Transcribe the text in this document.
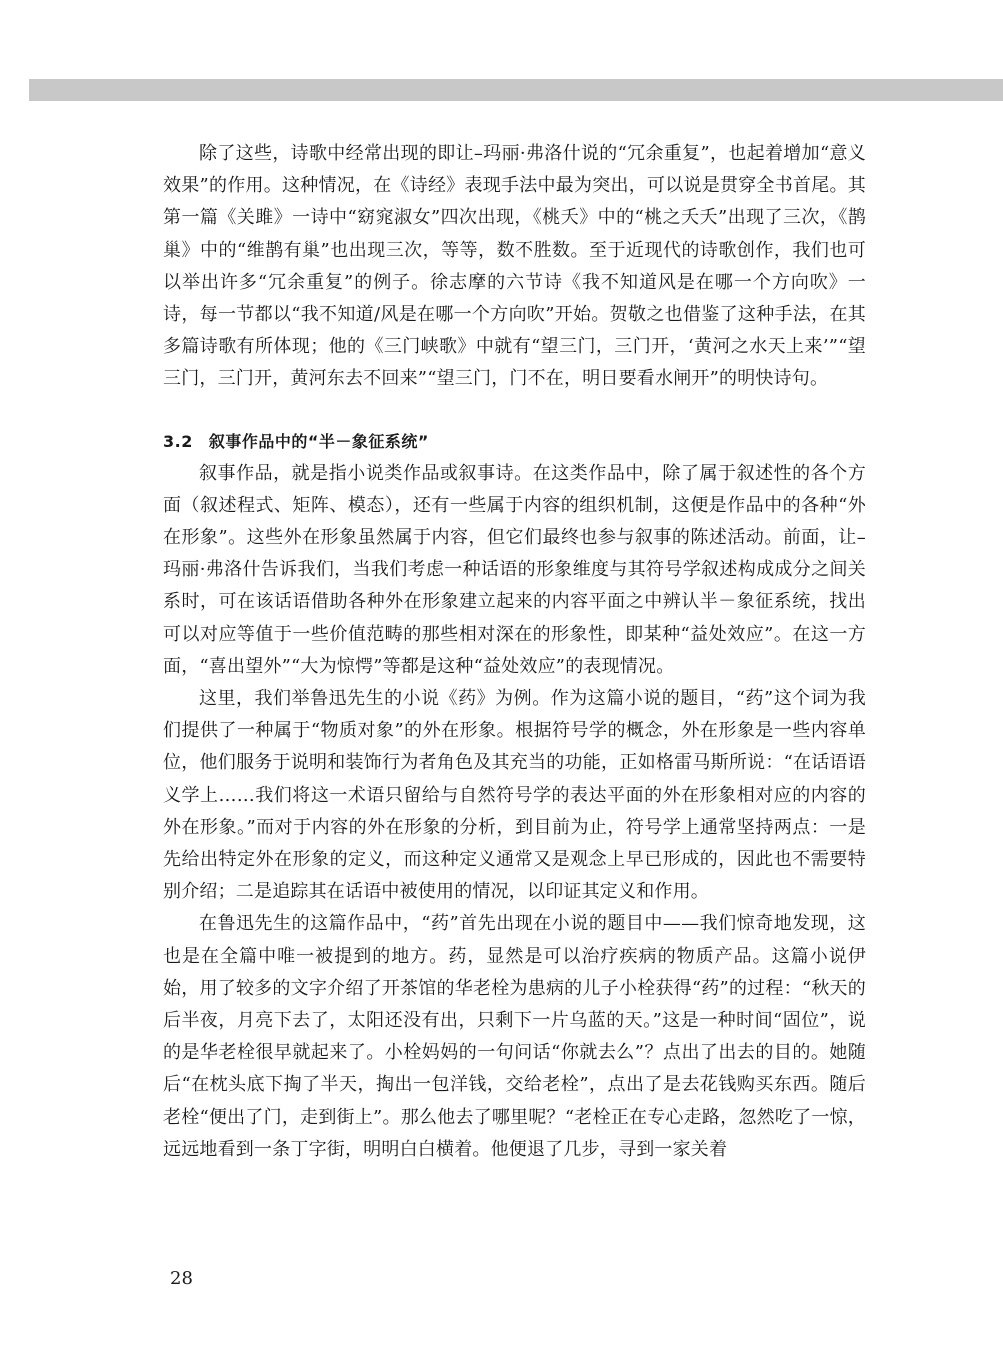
除了这些，诗歌中经常出现的即让–玛丽·弗洛什说的“冗余重复”，也起着增加“意义效果”的作用。这种情况，在《诗经》表现手法中最为突出，可以说是贯穿全书首尾。其第一篇《关雎》一诗中“窈窕淑女”四次出现，《桃夭》中的“桃之夭夭”出现了三次，《鹊巢》中的“维鹊有巢”也出现三次，等等，数不胜数。至于近现代的诗歌创作，我们也可以举出许多“冗余重复”的例子。徐志摩的六节诗《我不知道风是在哪一个方向吹》一诗，每一节都以“我不知道/风是在哪一个方向吹”开始。贺敬之也借鉴了这种手法，在其多篇诗歌有所体现；他的《三门峡歌》中就有“望三门，三门开，‘黄河之水天上来’”“望三门，三门开，黄河东去不回来”“望三门，门不在，明日要看水闸开”的明快诗句。

3.2 叙事作品中的“半－象征系统”

叙事作品，就是指小说类作品或叙事诗。在这类作品中，除了属于叙述性的各个方面（叙述程式、矩阵、模态），还有一些属于内容的组织机制，这便是作品中的各种“外在形象”。这些外在形象虽然属于内容，但它们最终也参与叙事的陈述活动。前面，让–玛丽·弗洛什告诉我们，当我们考虑一种话语的形象维度与其符号学叙述构成成分之间关系时，可在该话语借助各种外在形象建立起来的内容平面之中辨认半－象征系统，找出可以对应等值于一些价值范畴的那些相对深在的形象性，即某种“益处效应”。在这一方面，“喜出望外”“大为惊愕”等都是这种“益处效应”的表现情况。

这里，我们举鲁迅先生的小说《药》为例。作为这篇小说的题目，“药”这个词为我们提供了一种属于“物质对象”的外在形象。根据符号学的概念，外在形象是一些内容单位，他们服务于说明和装饰行为者角色及其充当的功能，正如格雷马斯所说：“在话语语义学上……我们将这一术语只留给与自然符号学的表达平面的外在形象相对应的内容的外在形象。”而对于内容的外在形象的分析，到目前为止，符号学上通常坚持两点：一是先给出特定外在形象的定义，而这种定义通常又是观念上早已形成的，因此也不需要特别介绍；二是追踪其在话语中被使用的情况，以印证其定义和作用。

在鲁迅先生的这篇作品中，“药”首先出现在小说的题目中——我们惊奇地发现，这也是在全篇中唯一被提到的地方。药，显然是可以治疗疾病的物质产品。这篇小说伊始，用了较多的文字介绍了开茶馆的华老栓为患病的儿子小栓获得“药”的过程：“秋天的后半夜，月亮下去了，太阳还没有出，只剩下一片乌蓝的天。”这是一种时间“固位”，说的是华老栓很早就起来了。小栓妈妈的一句问话“你就去么”？点出了出去的目的。她随后“在枕头底下掏了半天，掏出一包洋钱，交给老栓”，点出了是去花钱购买东西。随后老栓“便出了门，走到街上”。那么他去了哪里呢？“老栓正在专心走路，忽然吃了一惊，远远地看到一条丁字街，明明白白横着。他便退了几步，寻到一家关着

28
